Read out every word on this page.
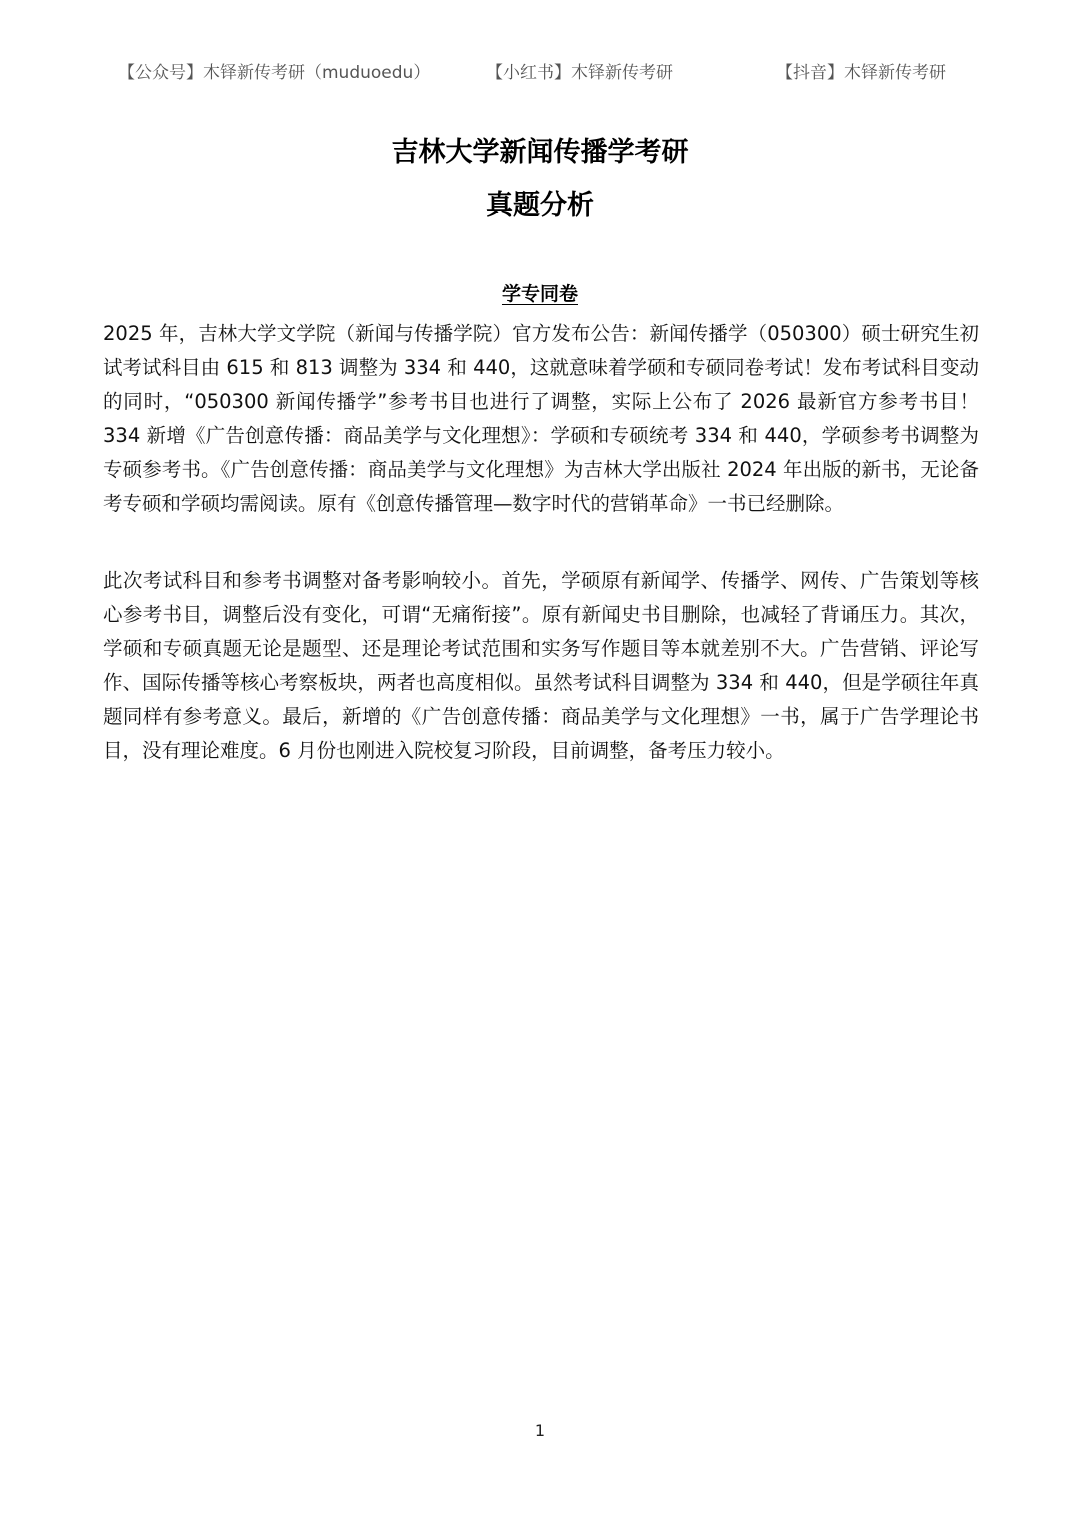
【公众号】木铎新传考研（muduoedu）	【小红书】木铎新传考研	【抖音】木铎新传考研
吉林大学新闻传播学考研
真题分析
学专同卷

2025 年，吉林大学文学院（新闻与传播学院）官方发布公告：新闻传播学（050300）硕士研究生初试考试科目由 615 和 813 调整为 334 和 440，这就意味着学硕和专硕同卷考试！发布考试科目变动的同时，“050300 新闻传播学”参考书目也进行了调整，实际上公布了 2026 最新官方参考书目！334 新增《广告创意传播：商品美学与文化理想》：学硕和专硕统考 334 和 440，学硕参考书调整为专硕参考书。《广告创意传播：商品美学与文化理想》为吉林大学出版社 2024 年出版的新书，无论备考专硕和学硕均需阅读。原有《创意传播管理—数字时代的营销革命》一书已经删除。

此次考试科目和参考书调整对备考影响较小。首先，学硕原有新闻学、传播学、网传、广告策划等核心参考书目，调整后没有变化，可谓“无痛衔接”。原有新闻史书目删除，也减轻了背诵压力。其次，学硕和专硕真题无论是题型、还是理论考试范围和实务写作题目等本就差别不大。广告营销、评论写作、国际传播等核心考察板块，两者也高度相似。虽然考试科目调整为 334 和 440，但是学硕往年真题同样有参考意义。最后，新增的《广告创意传播：商品美学与文化理想》一书，属于广告学理论书目，没有理论难度。6 月份也刚进入院校复习阶段，目前调整，备考压力较小。

1
